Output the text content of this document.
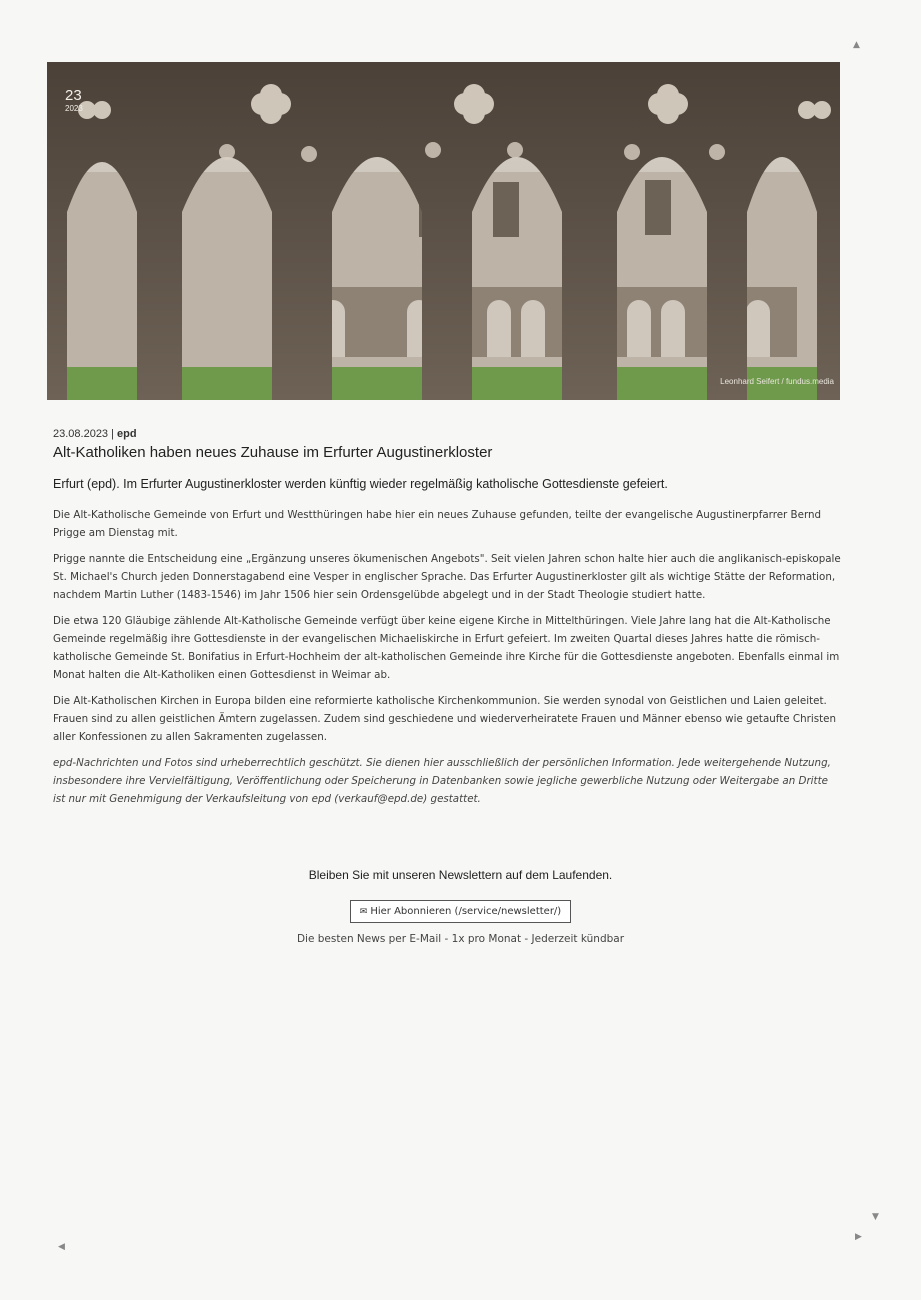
23
2023
Leonhard Seifert / fundus.media
23.08.2023 | epd
Alt-Katholiken haben neues Zuhause im Erfurter Augustinerkloster

Erfurt (epd). Im Erfurter Augustinerkloster werden künftig wieder regelmäßig katholische Gottesdienste gefeiert.

Die Alt-Katholische Gemeinde von Erfurt und Westthüringen habe hier ein neues Zuhause gefunden, teilte der evangelische Augustinerpfarrer Bernd Prigge am Dienstag mit.

Prigge nannte die Entscheidung eine „Ergänzung unseres ökumenischen Angebots". Seit vielen Jahren schon halte hier auch die anglikanisch-episkopale St. Michael's Church jeden Donnerstagabend eine Vesper in englischer Sprache. Das Erfurter Augustinerkloster gilt als wichtige Stätte der Reformation, nachdem Martin Luther (1483-1546) im Jahr 1506 hier sein Ordensgelübde abgelegt und in der Stadt Theologie studiert hatte.

Die etwa 120 Gläubige zählende Alt-Katholische Gemeinde verfügt über keine eigene Kirche in Mittelthüringen. Viele Jahre lang hat die Alt-Katholische Gemeinde regelmäßig ihre Gottesdienste in der evangelischen Michaeliskirche in Erfurt gefeiert. Im zweiten Quartal dieses Jahres hatte die römisch-katholische Gemeinde St. Bonifatius in Erfurt-Hochheim der alt-katholischen Gemeinde ihre Kirche für die Gottesdienste angeboten. Ebenfalls einmal im Monat halten die Alt-Katholiken einen Gottesdienst in Weimar ab.

Die Alt-Katholischen Kirchen in Europa bilden eine reformierte katholische Kirchenkommunion. Sie werden synodal von Geistlichen und Laien geleitet. Frauen sind zu allen geistlichen Ämtern zugelassen. Zudem sind geschiedene und wiederverheiratete Frauen und Männer ebenso wie getaufte Christen aller Konfessionen zu allen Sakramenten zugelassen.

epd-Nachrichten und Fotos sind urheberrechtlich geschützt. Sie dienen hier ausschließlich der persönlichen Information. Jede weitergehende Nutzung, insbesondere ihre Vervielfältigung, Veröffentlichung oder Speicherung in Datenbanken sowie jegliche gewerbliche Nutzung oder Weitergabe an Dritte ist nur mit Genehmigung der Verkaufsleitung von epd (verkauf@epd.de) gestattet.

Bleiben Sie mit unseren Newslettern auf dem Laufenden.

✉ Hier Abonnieren (/service/newsletter/)
Die besten News per E-Mail - 1x pro Monat - Jederzeit kündbar
▲
▼
▶
◀
